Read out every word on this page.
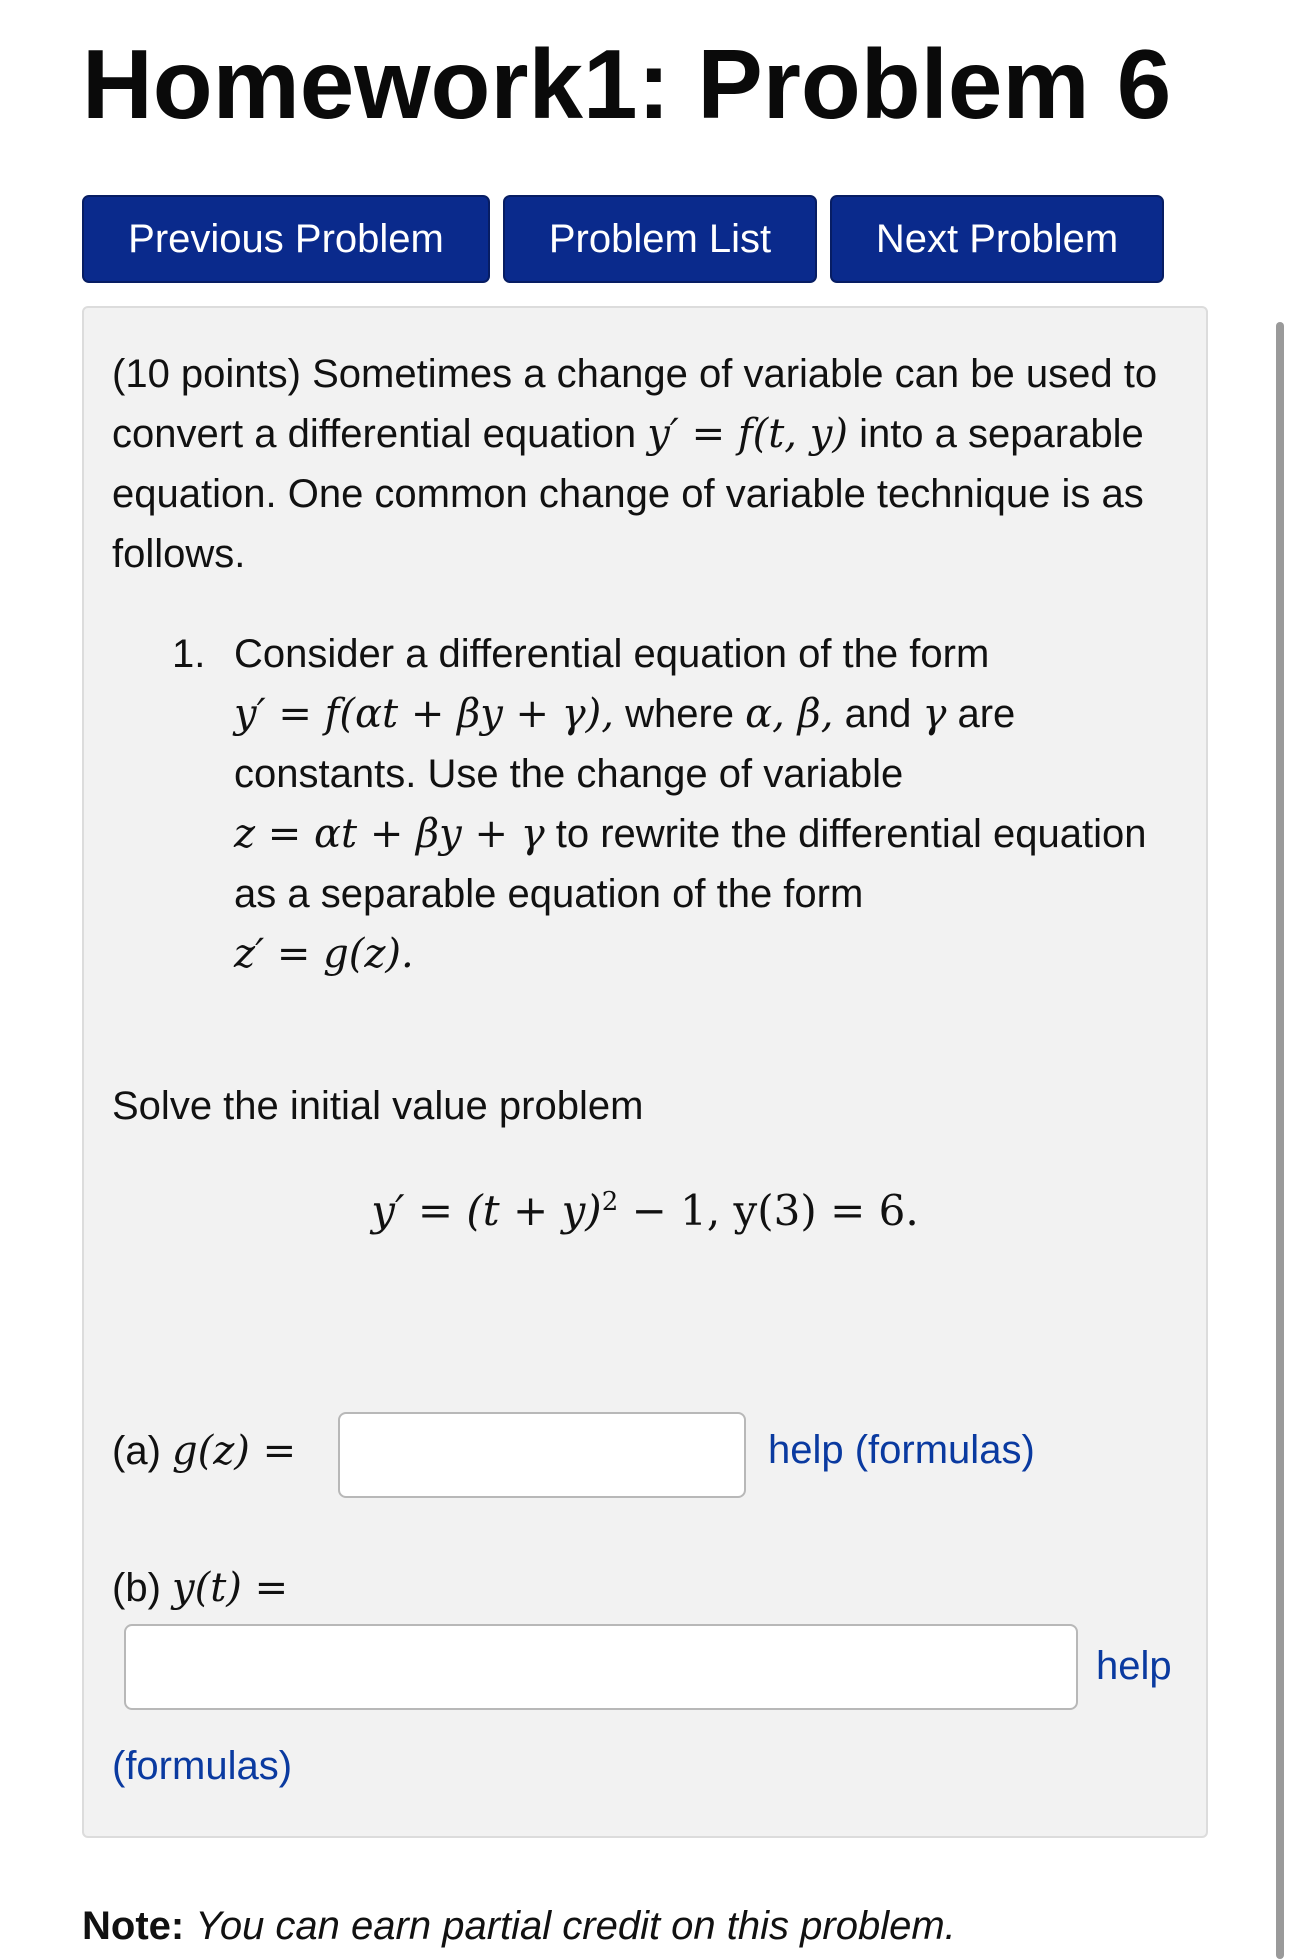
Homework1: Problem 6
Previous Problem	Problem List	Next Problem

(10 points) Sometimes a change of variable can be used to convert a differential equation y′ = f(t, y) into a separable equation. One common change of variable technique is as follows.

1. Consider a differential equation of the form
y′ = f(αt + βy + γ), where α, β, and γ are constants. Use the change of variable
z = αt + βy + γ to rewrite the differential equation as a separable equation of the form
z′ = g(z).

Solve the initial value problem

$y' = (t + y)^2 - 1$, y(3) = 6.

(a) g(z) =	help (formulas)
(b) y(t) =
help
(formulas)

Note: You can earn partial credit on this problem.
